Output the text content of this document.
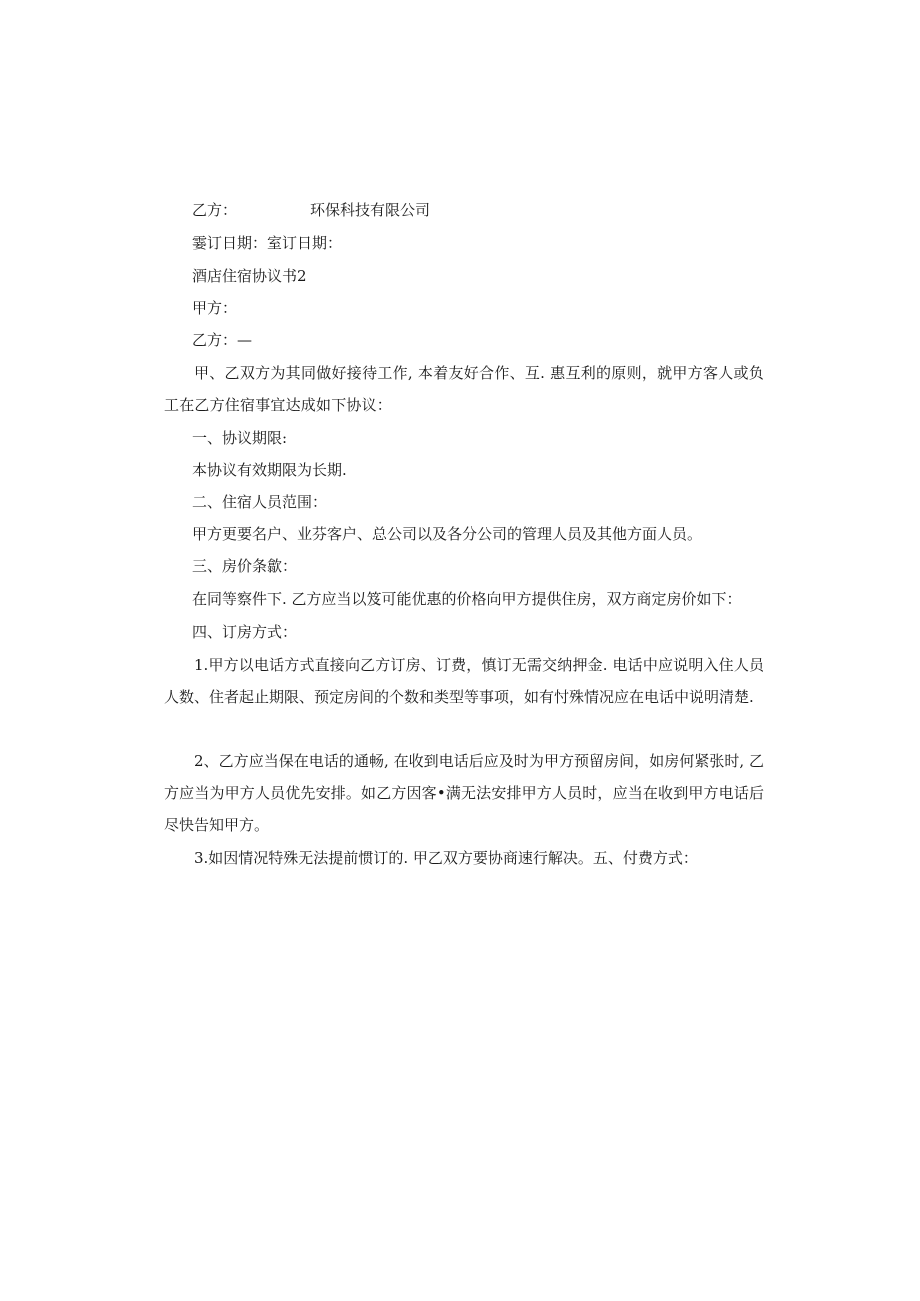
乙方：	环保科技有限公司
霎订日期：室订日期：
酒店住宿协议书2
甲方：
乙方：—
甲、乙双方为其同做好接待工作, 本着友好合作、互. 惠互利的原则，就甲方客人或负工在乙方住宿事宜达成如下协议：
一、协议期限:
本协议有效期限为长期.
二、住宿人员范围：
甲方更要名户、业芬客户、总公司以及各分公司的管理人员及其他方面人员。
三、房价条歙：
在同等察件下. 乙方应当以笈可能优惠的价格向甲方提供住房，双方商定房价如下：
四、订房方式：
1.甲方以电话方式直接向乙方订房、订费，慎订无需交纳押金. 电话中应说明入住人员人数、住者起止期限、预定房间的个数和类型等事项，如有忖殊情况应在电话中说明清楚.
2、乙方应当保在电话的通畅, 在收到电话后应及时为甲方预留房间，如房何紧张时, 乙方应当为甲方人员优先安排。如乙方因客•满无法安排甲方人员时，应当在收到甲方电话后尽快告知甲方。
3.如因情况特殊无法提前惯订的. 甲乙双方要协商速行解决。五、付费方式：
